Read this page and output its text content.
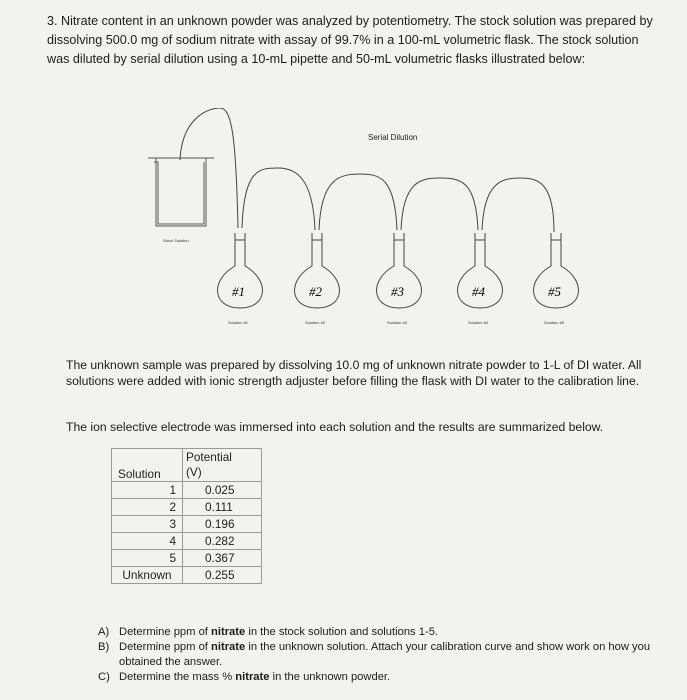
3. Nitrate content in an unknown powder was analyzed by potentiometry. The stock solution was prepared by dissolving 500.0 mg of sodium nitrate with assay of 99.7% in a 100-mL volumetric flask. The stock solution was diluted by serial dilution using a 10-mL pipette and 50-mL volumetric flasks illustrated below:
Stock Solution
Serial Dilution
#1
Solution #1
#2
Solution #2
#3
Solution #3
#4
Solution #4
#5
Solution #5
The unknown sample was prepared by dissolving 10.0 mg of unknown nitrate powder to 1-L of DI water. All solutions were added with ionic strength adjuster before filling the flask with DI water to the calibration line.
The ion selective electrode was immersed into each solution and the results are summarized below.
Solution	Potential
(V)
1	0.025
2	0.111
3	0.196
4	0.282
5	0.367
Unknown	0.255
A) Determine ppm of nitrate in the stock solution and solutions 1-5.
B) Determine ppm of nitrate in the unknown solution. Attach your calibration curve and show work on how you obtained the answer.
C) Determine the mass % nitrate in the unknown powder.
